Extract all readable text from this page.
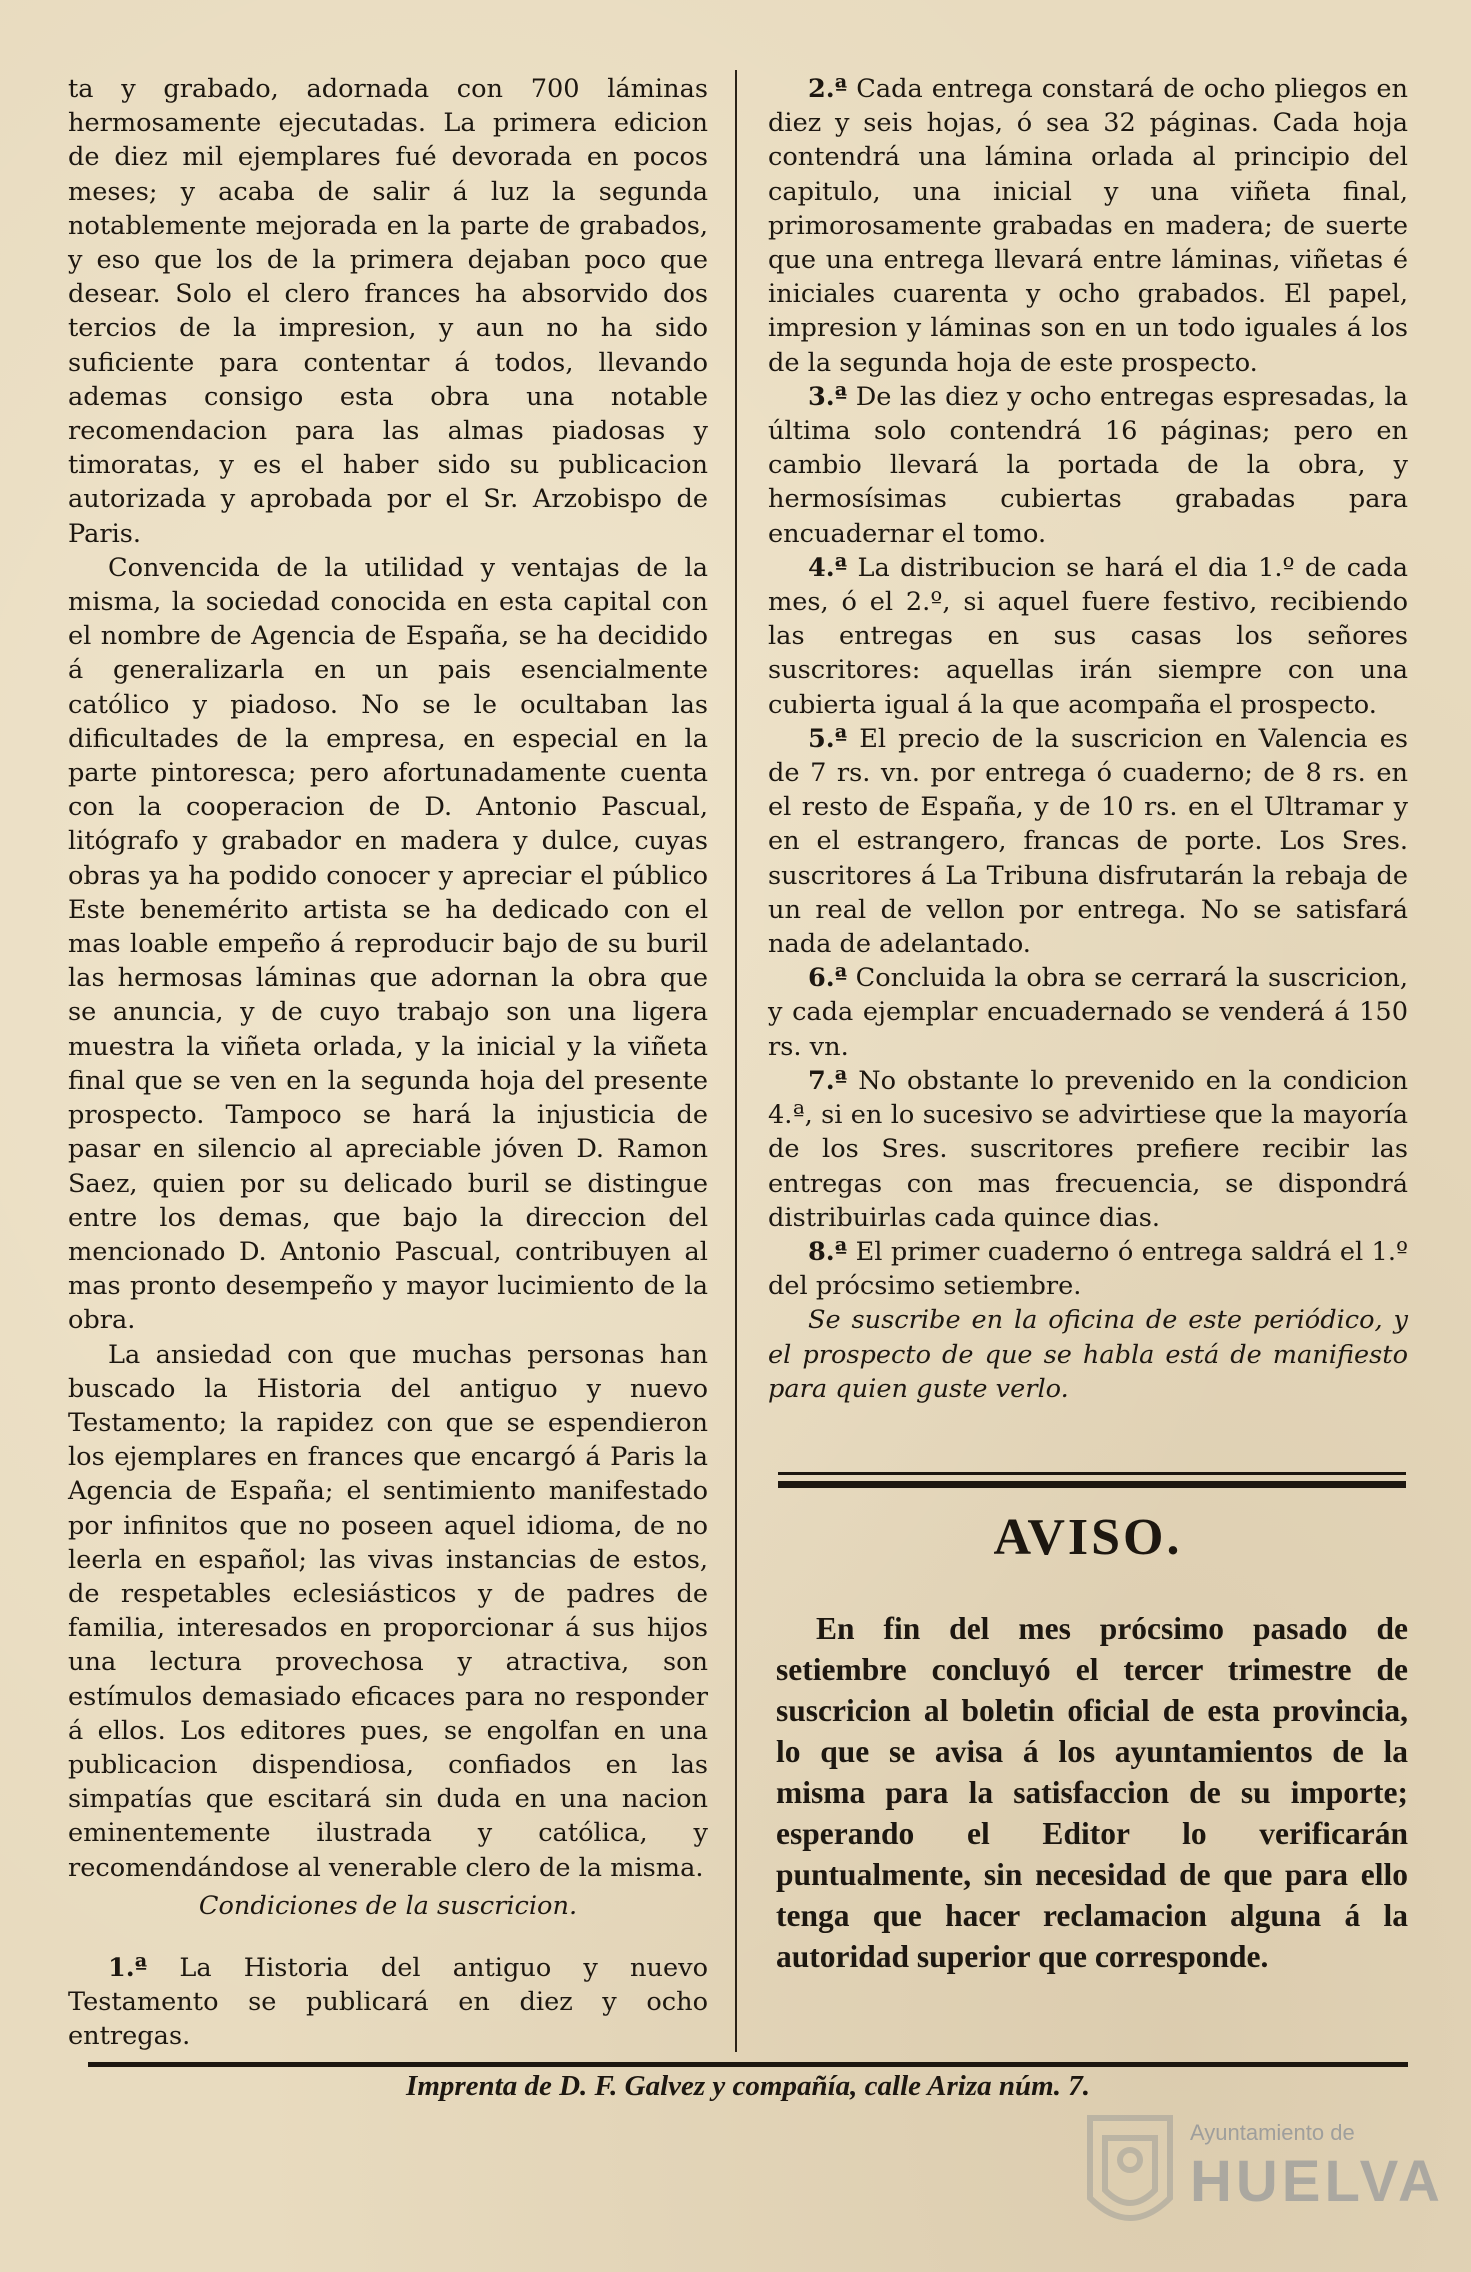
ta y grabado, adornada con 700 láminas hermosamente ejecutadas. La primera edicion de diez mil ejemplares fué devorada en pocos meses; y acaba de salir á luz la segunda notablemente mejorada en la parte de grabados, y eso que los de la primera dejaban poco que desear. Solo el clero frances ha absorvido dos tercios de la impresion, y aun no ha sido suficiente para contentar á todos, llevando ademas consigo esta obra una notable recomendacion para las almas piadosas y timoratas, y es el haber sido su publicacion autorizada y aprobada por el Sr. Arzobispo de Paris.

Convencida de la utilidad y ventajas de la misma, la sociedad conocida en esta capital con el nombre de Agencia de España, se ha decidido á generalizarla en un pais esencialmente católico y piadoso. No se le ocultaban las dificultades de la empresa, en especial en la parte pintoresca; pero afortunadamente cuenta con la cooperacion de D. Antonio Pascual, litógrafo y grabador en madera y dulce, cuyas obras ya ha podido conocer y apreciar el público Este benemérito artista se ha dedicado con el mas loable empeño á reproducir bajo de su buril las hermosas láminas que adornan la obra que se anuncia, y de cuyo trabajo son una ligera muestra la viñeta orlada, y la inicial y la viñeta final que se ven en la segunda hoja del presente prospecto. Tampoco se hará la injusticia de pasar en silencio al apreciable jóven D. Ramon Saez, quien por su delicado buril se distingue entre los demas, que bajo la direccion del mencionado D. Antonio Pascual, contribuyen al mas pronto desempeño y mayor lucimiento de la obra.

La ansiedad con que muchas personas han buscado la Historia del antiguo y nuevo Testamento; la rapidez con que se espendieron los ejemplares en frances que encargó á Paris la Agencia de España; el sentimiento manifestado por infinitos que no poseen aquel idioma, de no leerla en español; las vivas instancias de estos, de respetables eclesiásticos y de padres de familia, interesados en proporcionar á sus hijos una lectura provechosa y atractiva, son estímulos demasiado eficaces para no responder á ellos. Los editores pues, se engolfan en una publicacion dispendiosa, confiados en las simpatías que escitará sin duda en una nacion eminentemente ilustrada y católica, y recomendándose al venerable clero de la misma.

Condiciones de la suscricion.

1.ª La Historia del antiguo y nuevo Testamento se publicará en diez y ocho entregas.

2.ª Cada entrega constará de ocho pliegos en diez y seis hojas, ó sea 32 páginas. Cada hoja contendrá una lámina orlada al principio del capitulo, una inicial y una viñeta final, primorosamente grabadas en madera; de suerte que una entrega llevará entre láminas, viñetas é iniciales cuarenta y ocho grabados. El papel, impresion y láminas son en un todo iguales á los de la segunda hoja de este prospecto.

3.ª De las diez y ocho entregas espresadas, la última solo contendrá 16 páginas; pero en cambio llevará la portada de la obra, y hermosísimas cubiertas grabadas para encuadernar el tomo.

4.ª La distribucion se hará el dia 1.º de cada mes, ó el 2.º, si aquel fuere festivo, recibiendo las entregas en sus casas los señores suscritores: aquellas irán siempre con una cubierta igual á la que acompaña el prospecto.

5.ª El precio de la suscricion en Valencia es de 7 rs. vn. por entrega ó cuaderno; de 8 rs. en el resto de España, y de 10 rs. en el Ultramar y en el estrangero, francas de porte. Los Sres. suscritores á La Tribuna disfrutarán la rebaja de un real de vellon por entrega. No se satisfará nada de adelantado.

6.ª Concluida la obra se cerrará la suscricion, y cada ejemplar encuadernado se venderá á 150 rs. vn.

7.ª No obstante lo prevenido en la condicion 4.ª, si en lo sucesivo se advirtiese que la mayoría de los Sres. suscritores prefiere recibir las entregas con mas frecuencia, se dispondrá distribuirlas cada quince dias.

8.ª El primer cuaderno ó entrega saldrá el 1.º del prócsimo setiembre.

Se suscribe en la oficina de este periódico, y el prospecto de que se habla está de manifiesto para quien guste verlo.

AVISO.

En fin del mes prócsimo pasado de setiembre concluyó el tercer trimestre de suscricion al boletin oficial de esta provincia, lo que se avisa á los ayuntamientos de la misma para la satisfaccion de su importe; esperando el Editor lo verificarán puntualmente, sin necesidad de que para ello tenga que hacer reclamacion alguna á la autoridad superior que corresponde.

Imprenta de D. F. Galvez y compañía, calle Ariza núm. 7.
Ayuntamiento de
HUELVA
